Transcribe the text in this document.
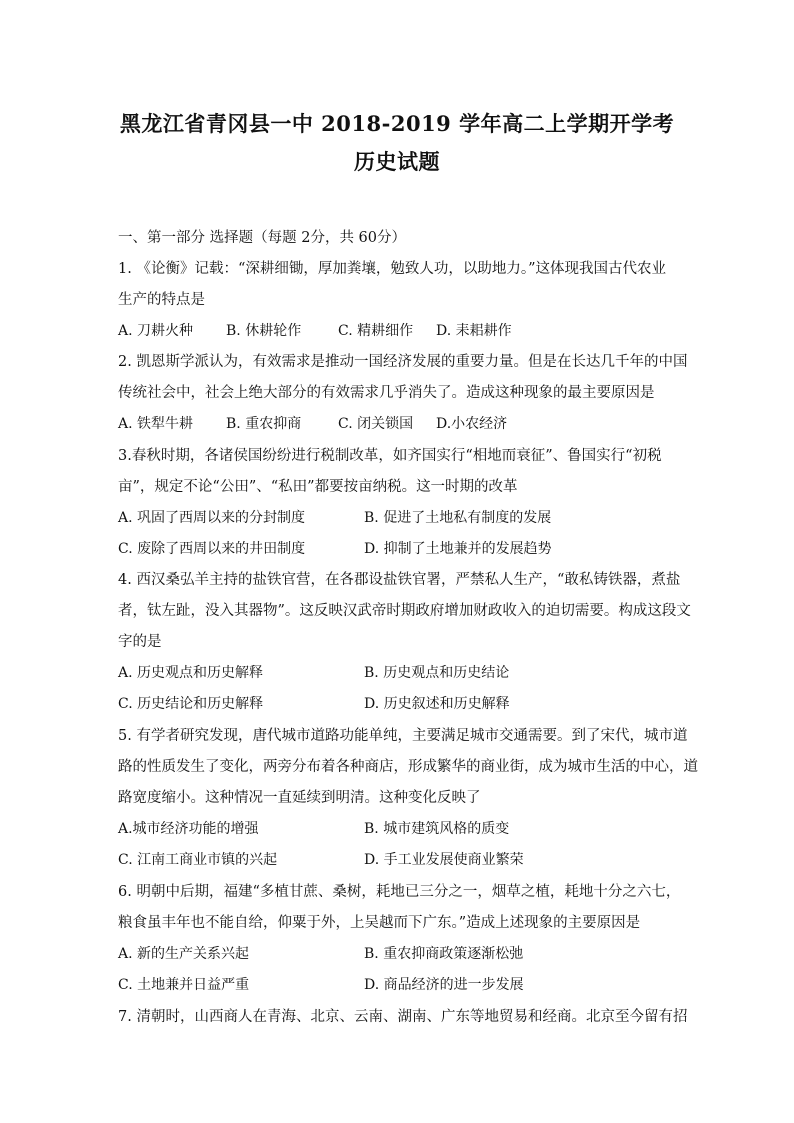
黑龙江省青冈县一中 2018-2019 学年高二上学期开学考
历史试题
一、第一部分 选择题（每题 2分，共 60分）
1. 《论衡》记载：“深耕细锄，厚加粪壤，勉致人功，以助地力。”这体现我国古代农业
生产的特点是
A. 刀耕火种 B. 休耕轮作	C. 精耕细作 D. 耒耜耕作
2. 凯恩斯学派认为，有效需求是推动一国经济发展的重要力量。但是在长达几千年的中国
传统社会中，社会上绝大部分的有效需求几乎消失了。造成这种现象的最主要原因是
A. 铁犁牛耕 B. 重农抑商	C. 闭关锁国 D.小农经济
3.春秋时期，各诸侯国纷纷进行税制改革，如齐国实行“相地而衰征”、鲁国实行“初税
亩”，规定不论“公田”、“私田”都要按亩纳税。这一时期的改革
A. 巩固了西周以来的分封制度	B. 促进了土地私有制度的发展
C. 废除了西周以来的井田制度	D. 抑制了土地兼并的发展趋势
4. 西汉桑弘羊主持的盐铁官营，在各郡设盐铁官署，严禁私人生产，“敢私铸铁器，煮盐
者，钛左趾，没入其器物”。这反映汉武帝时期政府增加财政收入的迫切需要。构成这段文
字的是
A. 历史观点和历史解释	B. 历史观点和历史结论
C. 历史结论和历史解释	D. 历史叙述和历史解释
5. 有学者研究发现，唐代城市道路功能单纯，主要满足城市交通需要。到了宋代，城市道
路的性质发生了变化，两旁分布着各种商店，形成繁华的商业街，成为城市生活的中心，道
路宽度缩小。这种情况一直延续到明清。这种变化反映了
A.城市经济功能的增强	B. 城市建筑风格的质变
C. 江南工商业市镇的兴起	D. 手工业发展使商业繁荣
6. 明朝中后期，福建“多植甘蔗、桑树，耗地已三分之一，烟草之植，耗地十分之六七，
粮食虽丰年也不能自给，仰粟于外，上吴越而下广东。”造成上述现象的主要原因是
A. 新的生产关系兴起	B. 重农抑商政策逐渐松弛
C. 土地兼并日益严重	D. 商品经济的进一步发展
7. 清朝时，山西商人在青海、北京、云南、湖南、广东等地贸易和经商。北京至今留有招
